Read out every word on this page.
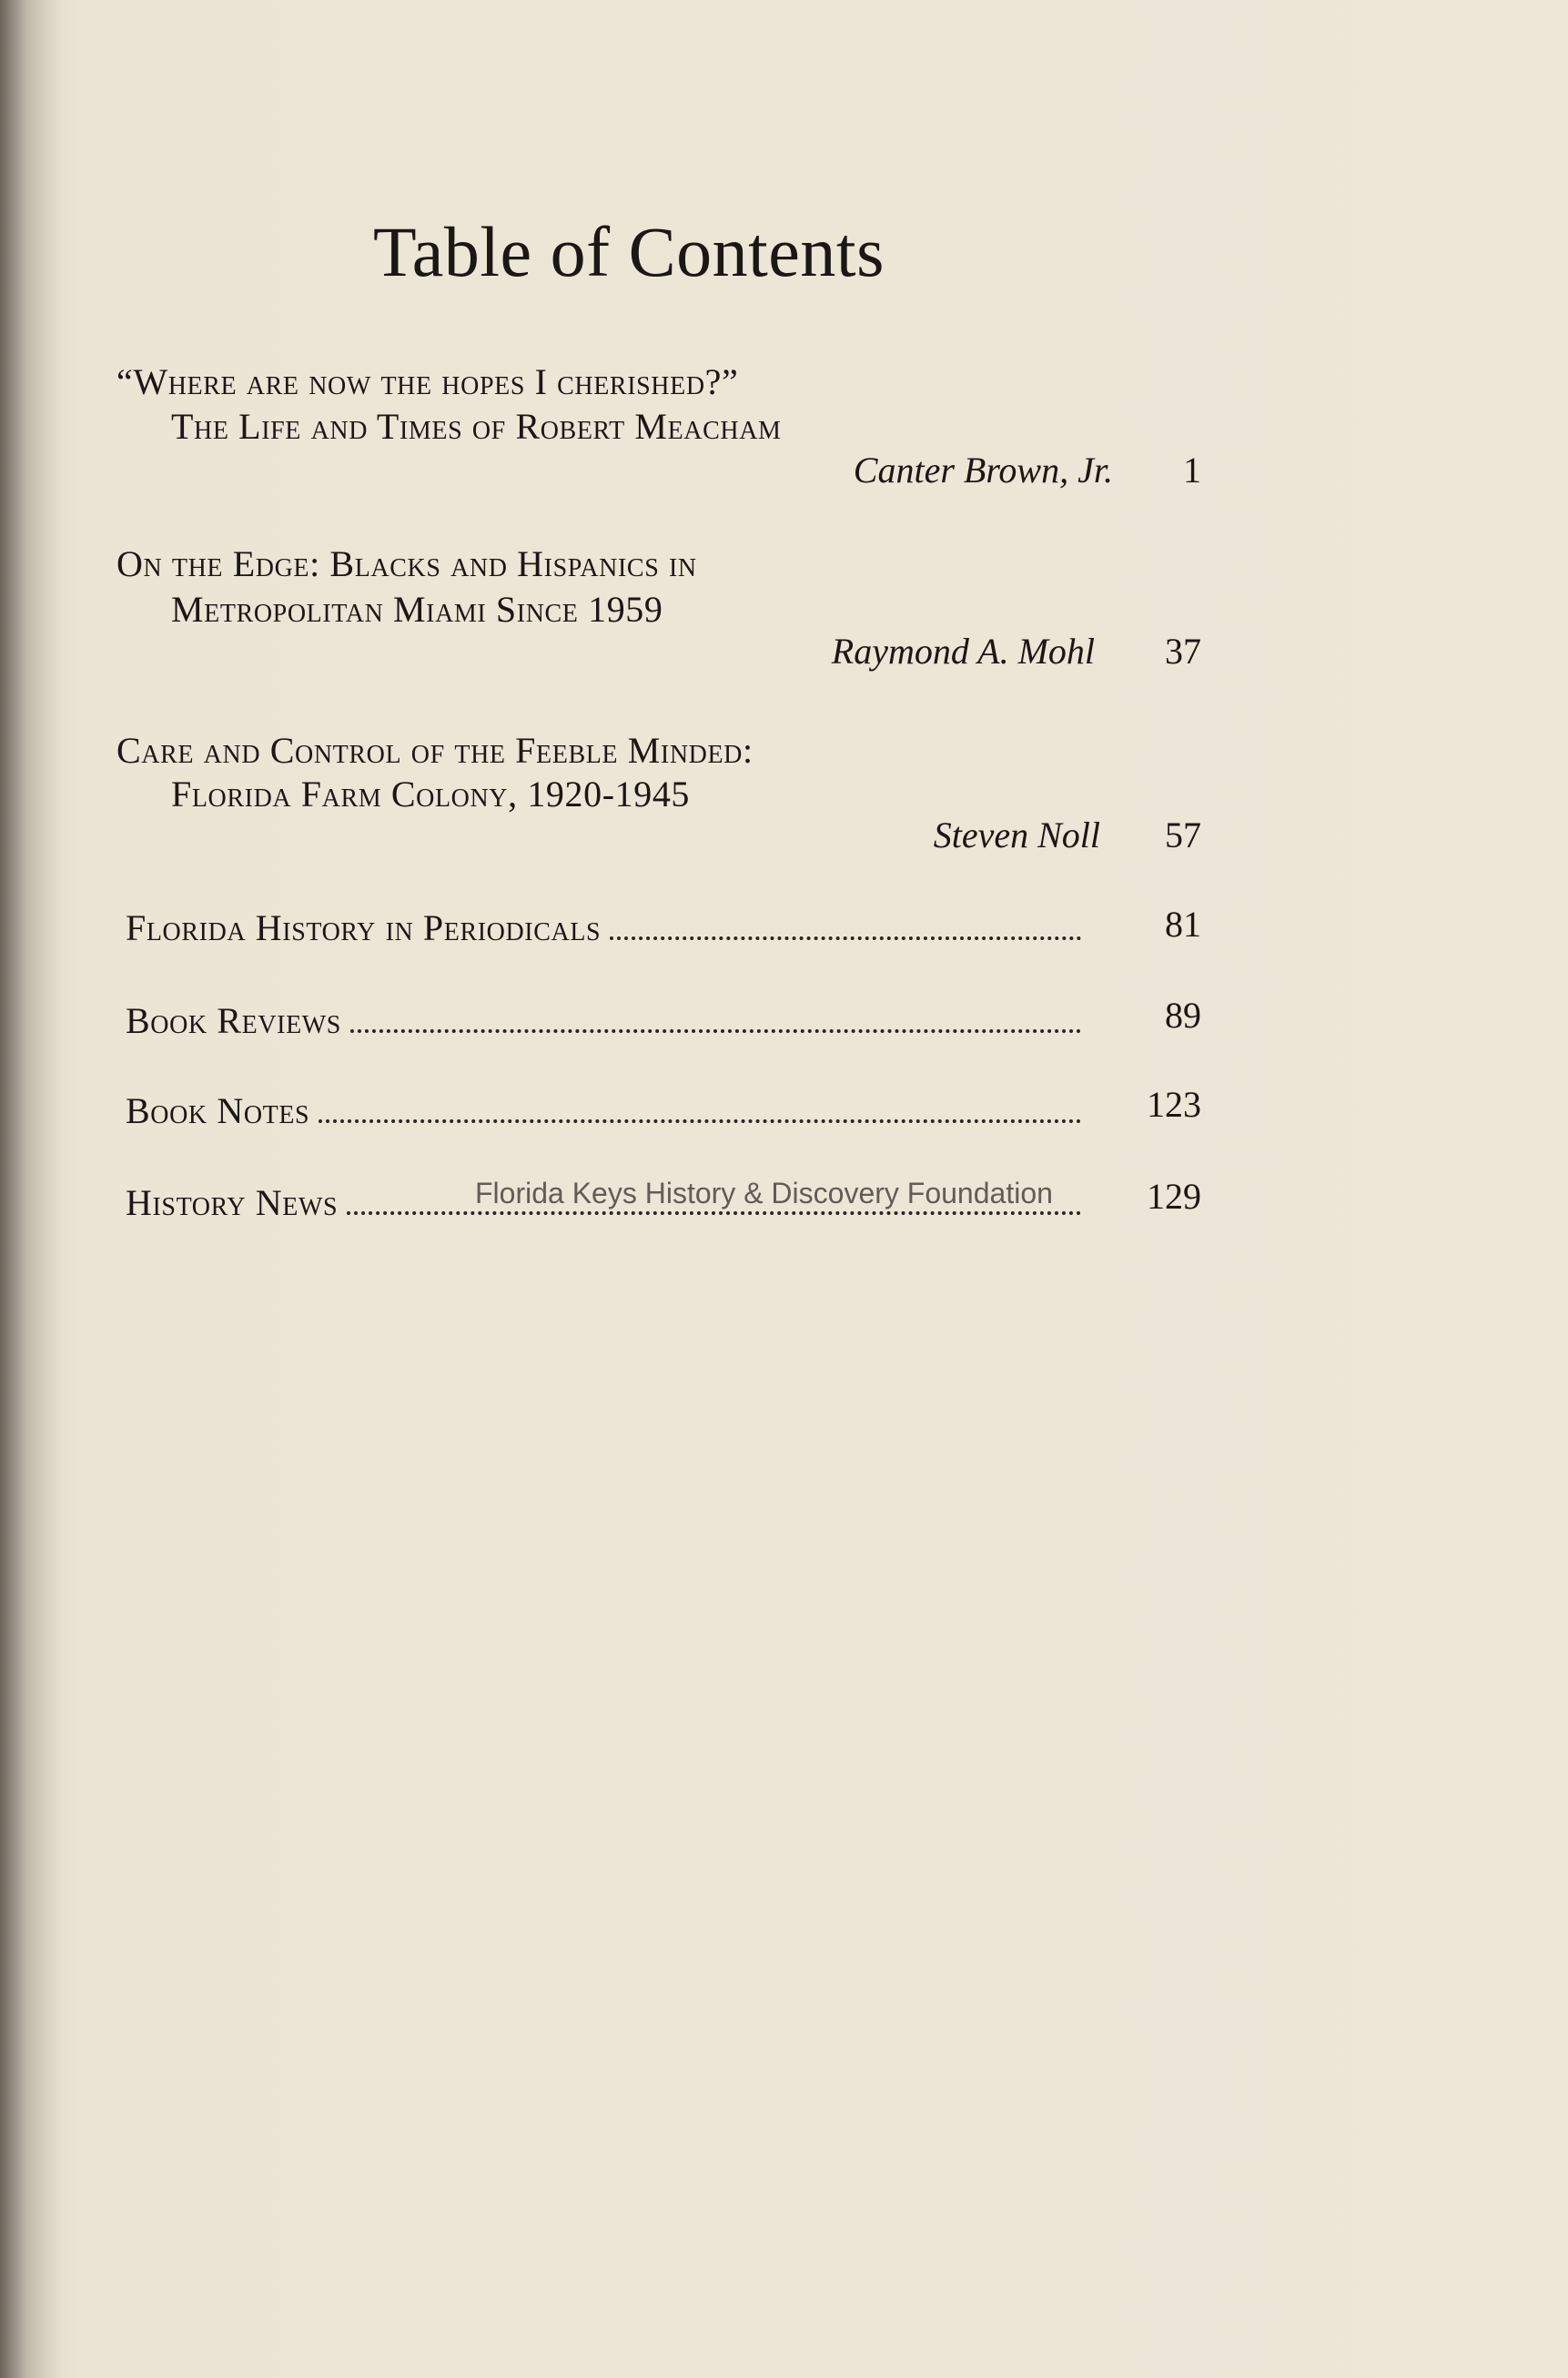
Table of Contents
“Where are now the hopes I cherished?”
The Life and Times of Robert Meacham
Canter Brown, Jr.	1
On the Edge: Blacks and Hispanics in
Metropolitan Miami Since 1959
Raymond A. Mohl	37
Care and Control of the Feeble Minded:
Florida Farm Colony, 1920-1945
Steven Noll	57
Florida History in Periodicals	81
Book Reviews	89
Book Notes	123
History News	129
Florida Keys History & Discovery Foundation
